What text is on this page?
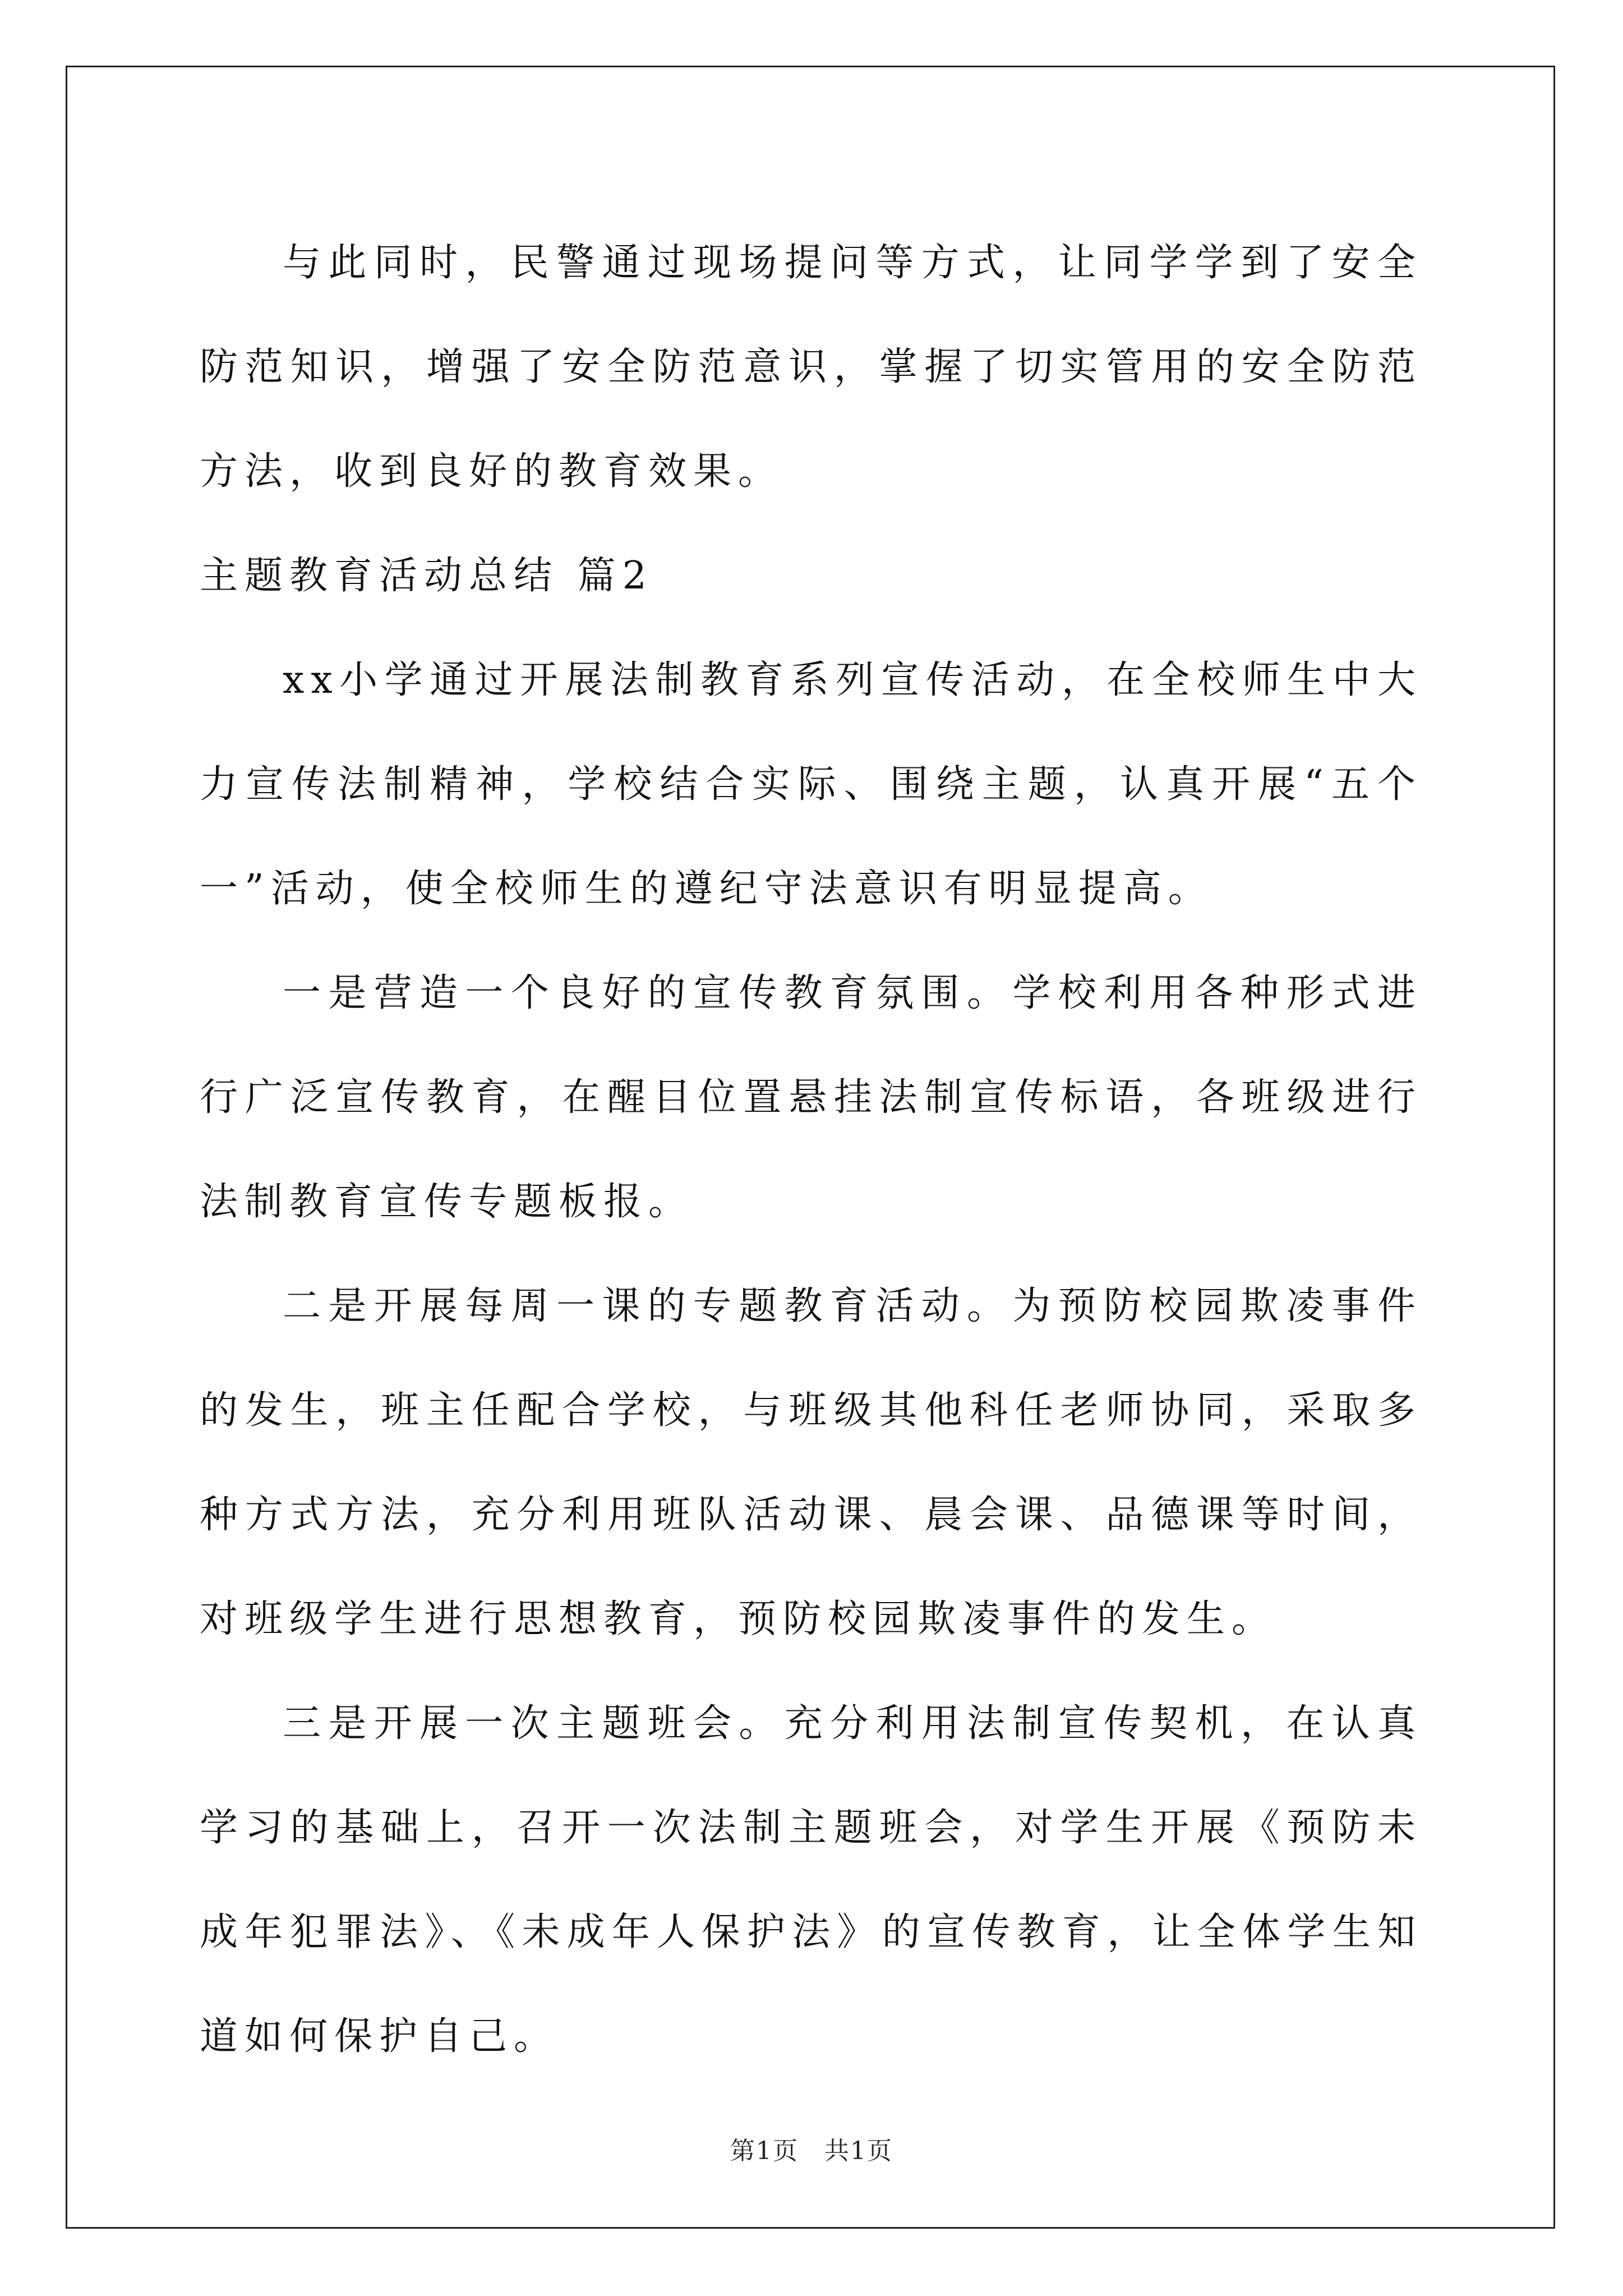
与此同时，民警通过现场提问等方式，让同学学到了安全防范知识，增强了安全防范意识，掌握了切实管用的安全防范方法，收到良好的教育效果。

主题教育活动总结 篇2

xx小学通过开展法制教育系列宣传活动，在全校师生中大力宣传法制精神，学校结合实际、围绕主题，认真开展“五个一”活动，使全校师生的遵纪守法意识有明显提高。

一是营造一个良好的宣传教育氛围。学校利用各种形式进行广泛宣传教育，在醒目位置悬挂法制宣传标语，各班级进行法制教育宣传专题板报。

二是开展每周一课的专题教育活动。为预防校园欺凌事件的发生，班主任配合学校，与班级其他科任老师协同，采取多种方式方法，充分利用班队活动课、晨会课、品德课等时间，对班级学生进行思想教育，预防校园欺凌事件的发生。

三是开展一次主题班会。充分利用法制宣传契机，在认真学习的基础上，召开一次法制主题班会，对学生开展《预防未成年犯罪法》、《未成年人保护法》的宣传教育，让全体学生知道如何保护自己。

第1页　共1页
